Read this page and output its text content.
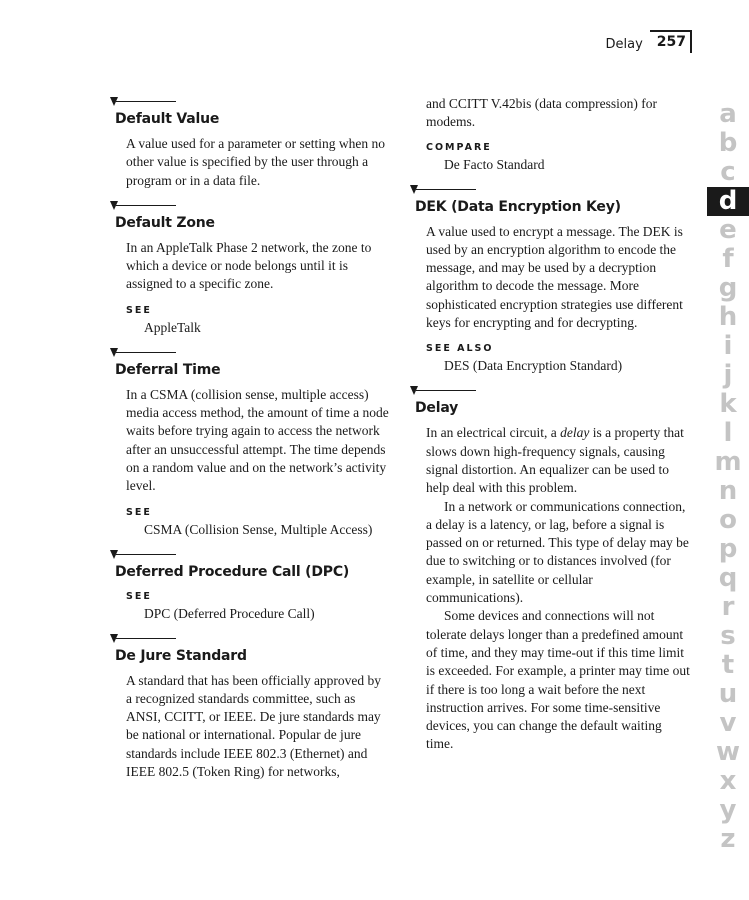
Delay 257
Default Value

A value used for a parameter or setting when no other value is specified by the user through a program or in a data file.

Default Zone

In an AppleTalk Phase 2 network, the zone to which a device or node belongs until it is assigned to a specific zone.

SEE
AppleTalk
Deferral Time

In a CSMA (collision sense, multiple access) media access method, the amount of time a node waits before trying again to access the network after an unsuccessful attempt. The time depends on a random value and on the network’s activity level.

SEE
CSMA (Collision Sense, Multiple Access)
Deferred Procedure Call (DPC)
SEE
DPC (Deferred Procedure Call)
De Jure Standard

A standard that has been officially approved by a recognized standards committee, such as ANSI, CCITT, or IEEE. De jure standards may be national or international. Popular de jure standards include IEEE 802.3 (Ethernet) and IEEE 802.5 (Token Ring) for networks,

and CCITT V.42bis (data compression) for modems.

COMPARE
De Facto Standard
DEK (Data Encryption Key)

A value used to encrypt a message. The DEK is used by an encryption algorithm to encode the message, and may be used by a decryption algorithm to decode the message. More sophisticated encryption strategies use different keys for encrypting and for decrypting.

SEE ALSO
DES (Data Encryption Standard)
Delay

In an electrical circuit, a delay is a property that slows down high-frequency signals, causing signal distortion. An equalizer can be used to help deal with this problem.

In a network or communications connection, a delay is a latency, or lag, before a signal is passed on or returned. This type of delay may be due to switching or to distances involved (for example, in satellite or cellular communications).

Some devices and connections will not tolerate delays longer than a predefined amount of time, and they may time-out if this time limit is exceeded. For example, a printer may time out if there is too long a wait before the next instruction arrives. For some time-sensitive devices, you can change the default waiting time.

a
b
c
d
e
f
g
h
i
j
k
l
m
n
o
p
q
r
s
t
u
v
w
x
y
z
